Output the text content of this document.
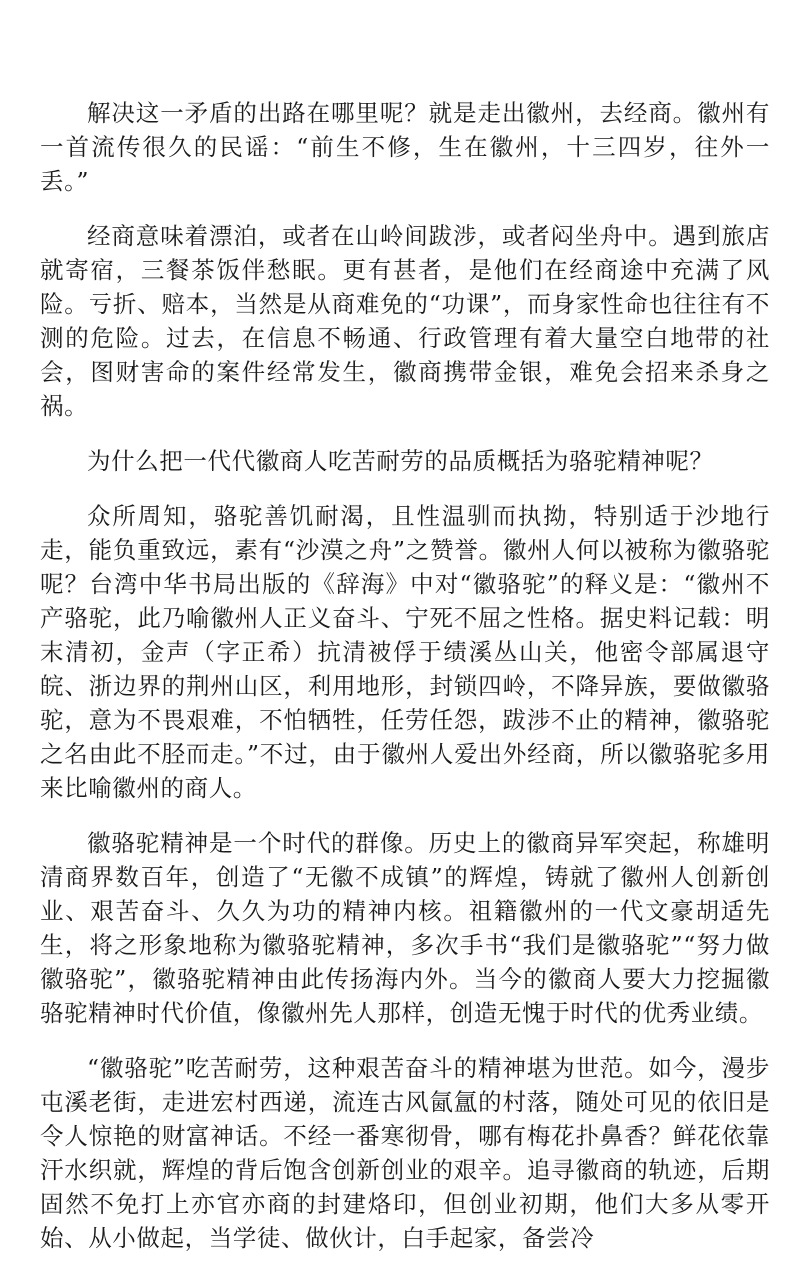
解决这一矛盾的出路在哪里呢？就是走出徽州，去经商。徽州有一首流传很久的民谣：“前生不修，生在徽州，十三四岁，往外一丢。”

经商意味着漂泊，或者在山岭间跋涉，或者闷坐舟中。遇到旅店就寄宿，三餐茶饭伴愁眠。更有甚者，是他们在经商途中充满了风险。亏折、赔本，当然是从商难免的“功课”，而身家性命也往往有不测的危险。过去，在信息不畅通、行政管理有着大量空白地带的社会，图财害命的案件经常发生，徽商携带金银，难免会招来杀身之祸。

为什么把一代代徽商人吃苦耐劳的品质概括为骆驼精神呢？

众所周知，骆驼善饥耐渴，且性温驯而执拗，特别适于沙地行走，能负重致远，素有“沙漠之舟”之赞誉。徽州人何以被称为徽骆驼呢？台湾中华书局出版的《辞海》中对“徽骆驼”的释义是：“徽州不产骆驼，此乃喻徽州人正义奋斗、宁死不屈之性格。据史料记载：明末清初，金声（字正希）抗清被俘于绩溪丛山关，他密令部属退守皖、浙边界的荆州山区，利用地形，封锁四岭，不降异族，要做徽骆驼，意为不畏艰难，不怕牺牲，任劳任怨，跋涉不止的精神，徽骆驼之名由此不胫而走。”不过，由于徽州人爱出外经商，所以徽骆驼多用来比喻徽州的商人。

徽骆驼精神是一个时代的群像。历史上的徽商异军突起，称雄明清商界数百年，创造了“无徽不成镇”的辉煌，铸就了徽州人创新创业、艰苦奋斗、久久为功的精神内核。祖籍徽州的一代文豪胡适先生，将之形象地称为徽骆驼精神，多次手书“我们是徽骆驼”“努力做徽骆驼”，徽骆驼精神由此传扬海内外。当今的徽商人要大力挖掘徽骆驼精神时代价值，像徽州先人那样，创造无愧于时代的优秀业绩。

“徽骆驼”吃苦耐劳，这种艰苦奋斗的精神堪为世范。如今，漫步屯溪老街，走进宏村西递，流连古风氤氲的村落，随处可见的依旧是令人惊艳的财富神话。不经一番寒彻骨，哪有梅花扑鼻香？鲜花依靠汗水织就，辉煌的背后饱含创新创业的艰辛。追寻徽商的轨迹，后期固然不免打上亦官亦商的封建烙印，但创业初期，他们大多从零开始、从小做起，当学徒、做伙计，白手起家，备尝冷
